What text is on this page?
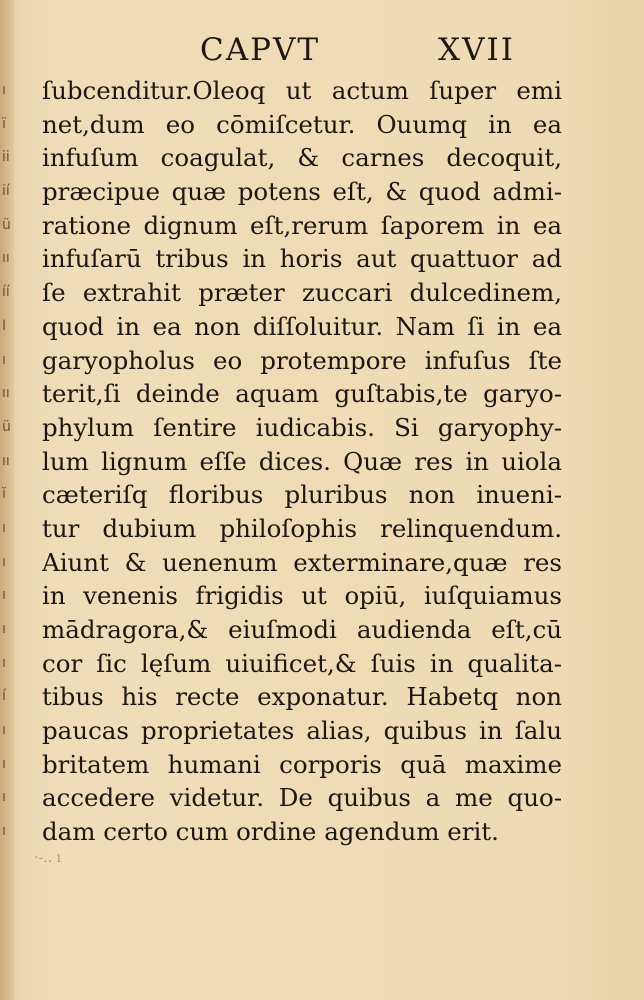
CAPVT	XVII
ı
ı̈
ii
ií
ü
ıı
íí
I
ı
ıı
ü
ıı
ĭ
ı
ı
ı
ı
ı
í
ı
ı
ı
ı
ſubcenditur.Oleoq ut actum ſuper emi
net,dum eo cōmiſcetur. Ouumq in ea
infuſum coagulat, & carnes decoquit,
præcipue quæ potens eſt, & quod admi-
ratione dignum eſt,rerum ſaporem in ea
infuſarū tribus in horis aut quattuor ad
ſe extrahit præter zuccari dulcedinem,
quod in ea non diſſoluitur. Nam ſi in ea
garyopholus eo protempore infuſus ſte
terit,ſi deinde aquam guſtabis,te garyo-
phylum ſentire iudicabis. Si garyophy-
lum lignum eſſe dices. Quæ res in uiola
cæteriſq floribus pluribus non inueni-
tur dubium philoſophis relinquendum.
Aiunt & uenenum exterminare,quæ res
in venenis frigidis ut opiū, iuſquiamus
mādragora,& eiuſmodi audienda eſt,cū
cor ſic lęſum uiuificet,& ſuis in qualita-
tibus his recte exponatur. Habetq non
paucas proprietates alias, quibus in ſalu
britatem humani corporis quā maxime
accedere videtur. De quibus a me quo-
dam certo cum ordine agendum erit.
·-.. ı
